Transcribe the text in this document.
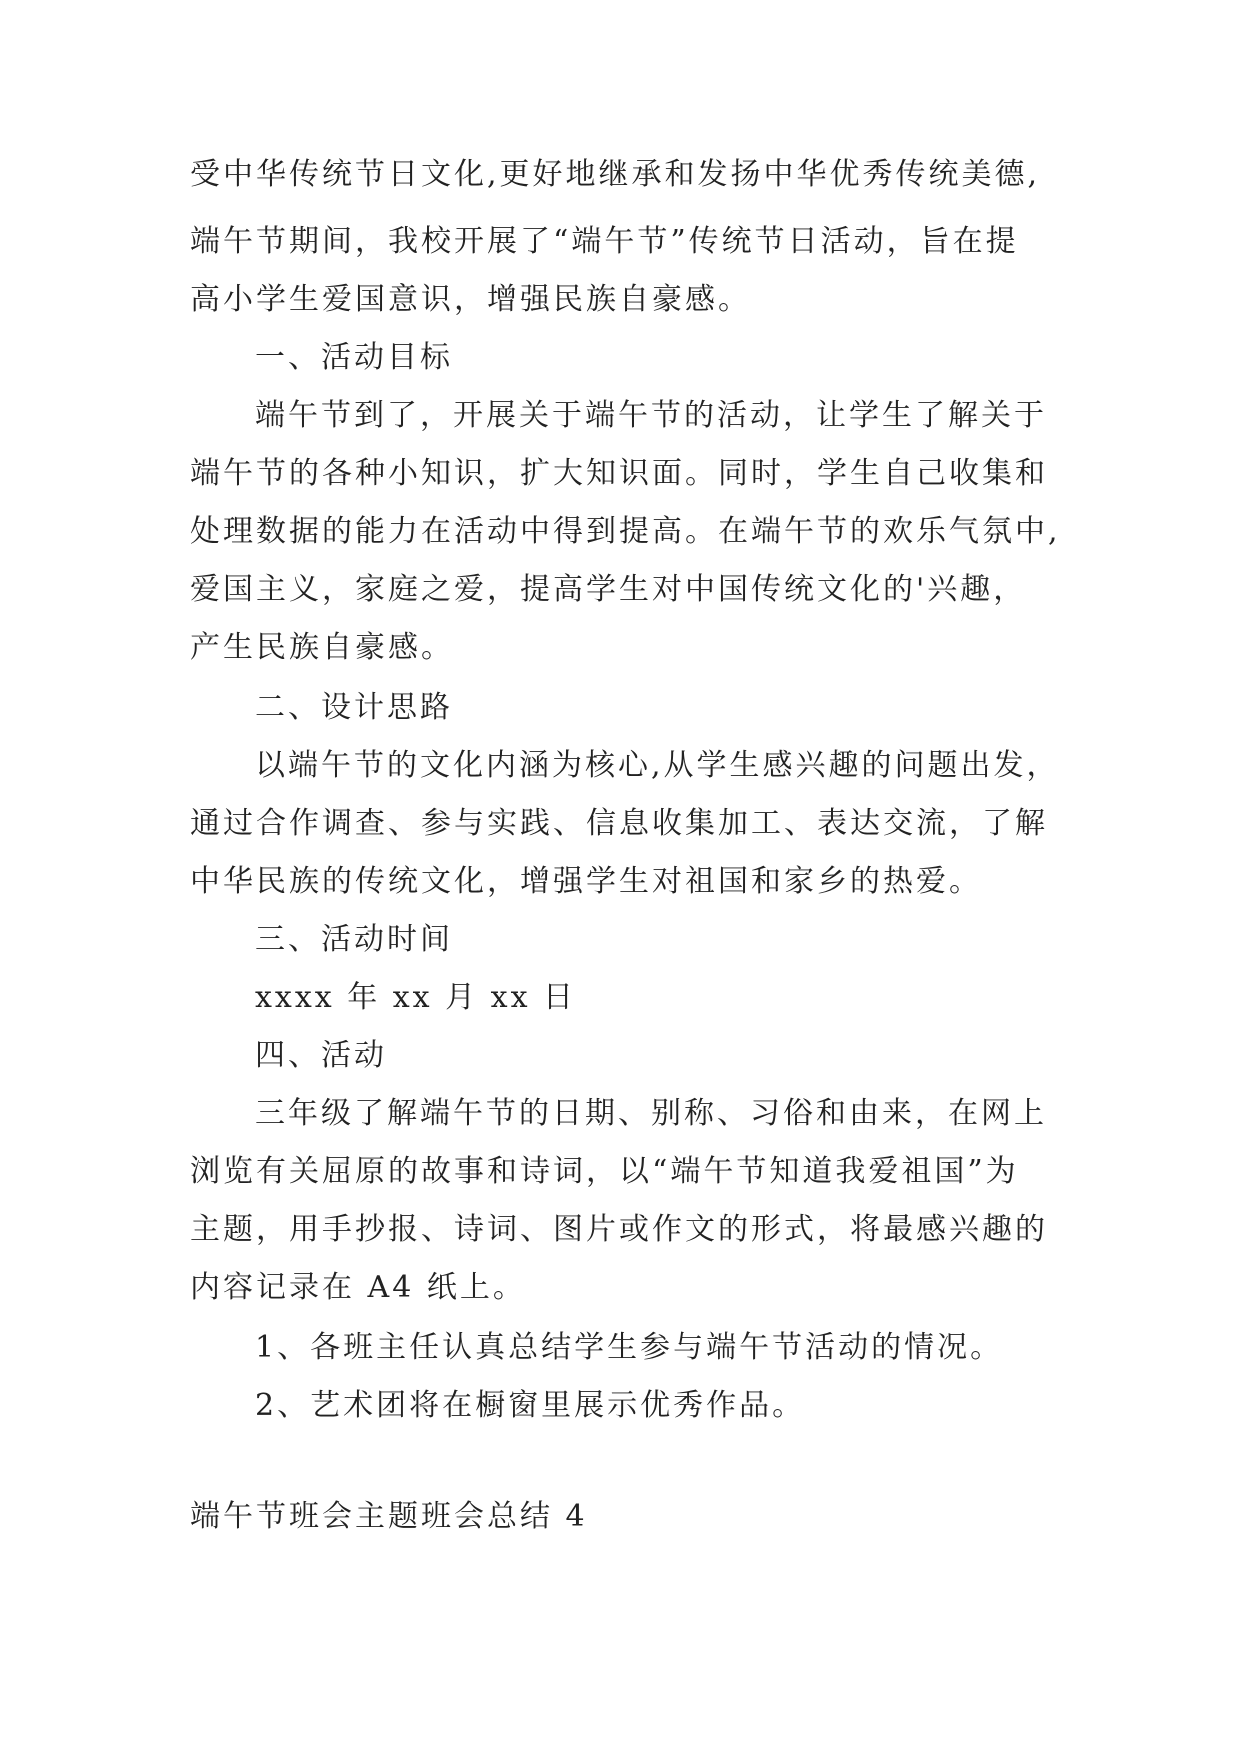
受中华传统节日文化,更好地继承和发扬中华优秀传统美德,
端午节期间，我校开展了“端午节”传统节日活动，旨在提
高小学生爱国意识，增强民族自豪感。
一、活动目标
端午节到了，开展关于端午节的活动，让学生了解关于
端午节的各种小知识，扩大知识面。同时，学生自己收集和
处理数据的能力在活动中得到提高。在端午节的欢乐气氛中,
爱国主义，家庭之爱，提高学生对中国传统文化的'兴趣，
产生民族自豪感。
二、设计思路
以端午节的文化内涵为核心,从学生感兴趣的问题出发，
通过合作调查、参与实践、信息收集加工、表达交流，了解
中华民族的传统文化，增强学生对祖国和家乡的热爱。
三、活动时间
xxxx 年 xx 月 xx 日
四、活动
三年级了解端午节的日期、别称、习俗和由来，在网上
浏览有关屈原的故事和诗词，以“端午节知道我爱祖国”为
主题，用手抄报、诗词、图片或作文的形式，将最感兴趣的
内容记录在 A4 纸上。
1、各班主任认真总结学生参与端午节活动的情况。
2、艺术团将在橱窗里展示优秀作品。
端午节班会主题班会总结 4
